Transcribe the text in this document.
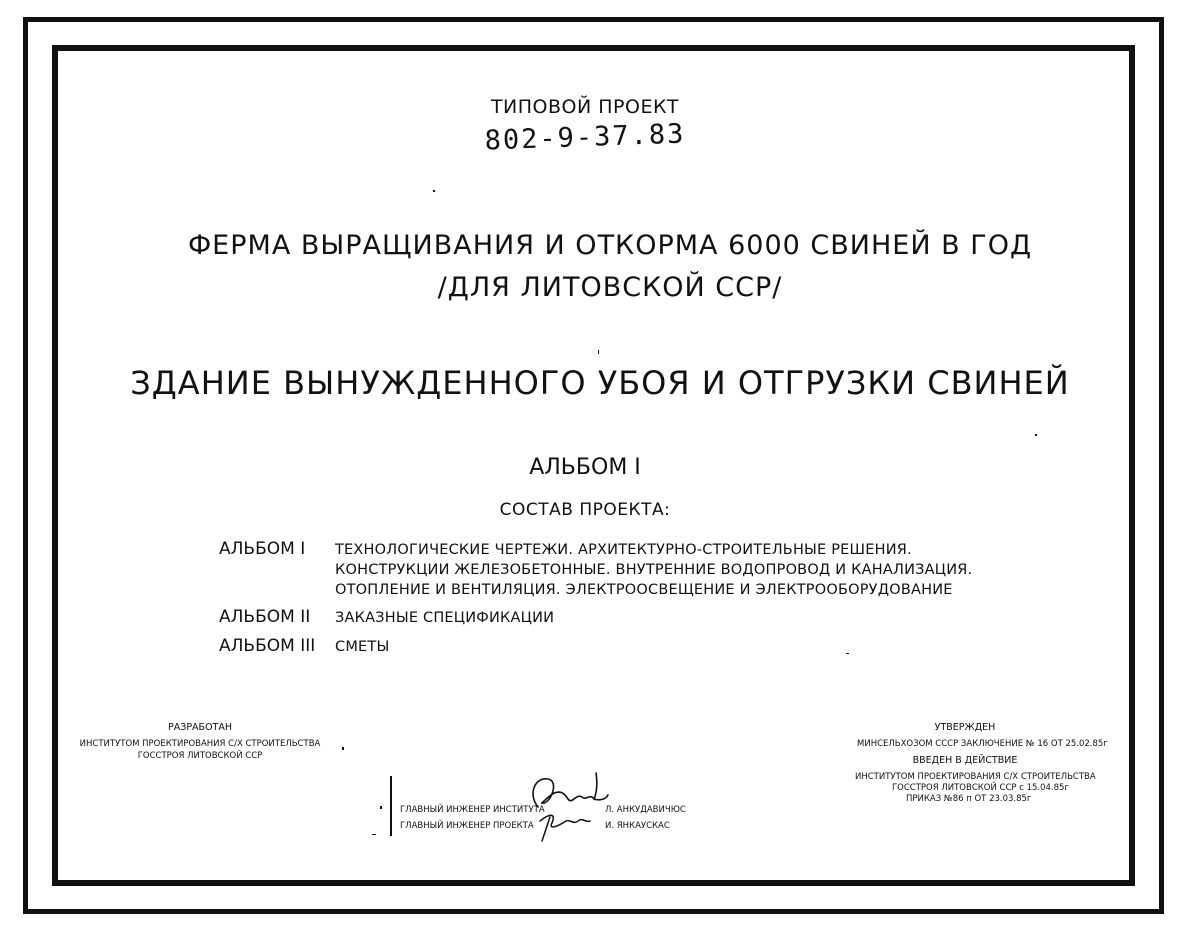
ТИПОВОЙ ПРОЕКТ
802-9-37.83
ФЕРМА ВЫРАЩИВАНИЯ И ОТКОРМА 6000 СВИНЕЙ В ГОД
/ДЛЯ ЛИТОВСКОЙ ССР/
ЗДАНИЕ ВЫНУЖДЕННОГО УБОЯ И ОТГРУЗКИ СВИНЕЙ
АЛЬБОМ I
СОСТАВ ПРОЕКТА:
АЛЬБОМ I ТЕХНОЛОГИЧЕСКИЕ ЧЕРТЕЖИ. АРХИТЕКТУРНО-СТРОИТЕЛЬНЫЕ РЕШЕНИЯ.
КОНСТРУКЦИИ ЖЕЛЕЗОБЕТОННЫЕ. ВНУТРЕННИЕ ВОДОПРОВОД И КАНАЛИЗАЦИЯ.
ОТОПЛЕНИЕ И ВЕНТИЛЯЦИЯ. ЭЛЕКТРООСВЕЩЕНИЕ И ЭЛЕКТРООБОРУДОВАНИЕ
АЛЬБОМ II ЗАКАЗНЫЕ СПЕЦИФИКАЦИИ
АЛЬБОМ III СМЕТЫ
РАЗРАБОТАН
ИНСТИТУТОМ ПРОЕКТИРОВАНИЯ С/Х СТРОИТЕЛЬСТВА
ГОССТРОЯ ЛИТОВСКОЙ ССР
УТВЕРЖДЕН
МИНСЕЛЬХОЗОМ СССР ЗАКЛЮЧЕНИЕ № 16 ОТ 25.02.85г
ВВЕДЕН В ДЕЙСТВИЕ
ИНСТИТУТОМ ПРОЕКТИРОВАНИЯ С/Х СТРОИТЕЛЬСТВА
ГОССТРОЯ ЛИТОВСКОЙ ССР с 15.04.85г
ПРИКАЗ №86 п ОТ 23.03.85г
ГЛАВНЫЙ ИНЖЕНЕР ИНСТИТУТА	Л. АНКУДАВИЧЮС
ГЛАВНЫЙ ИНЖЕНЕР ПРОЕКТА	И. ЯНКАУСКАС
